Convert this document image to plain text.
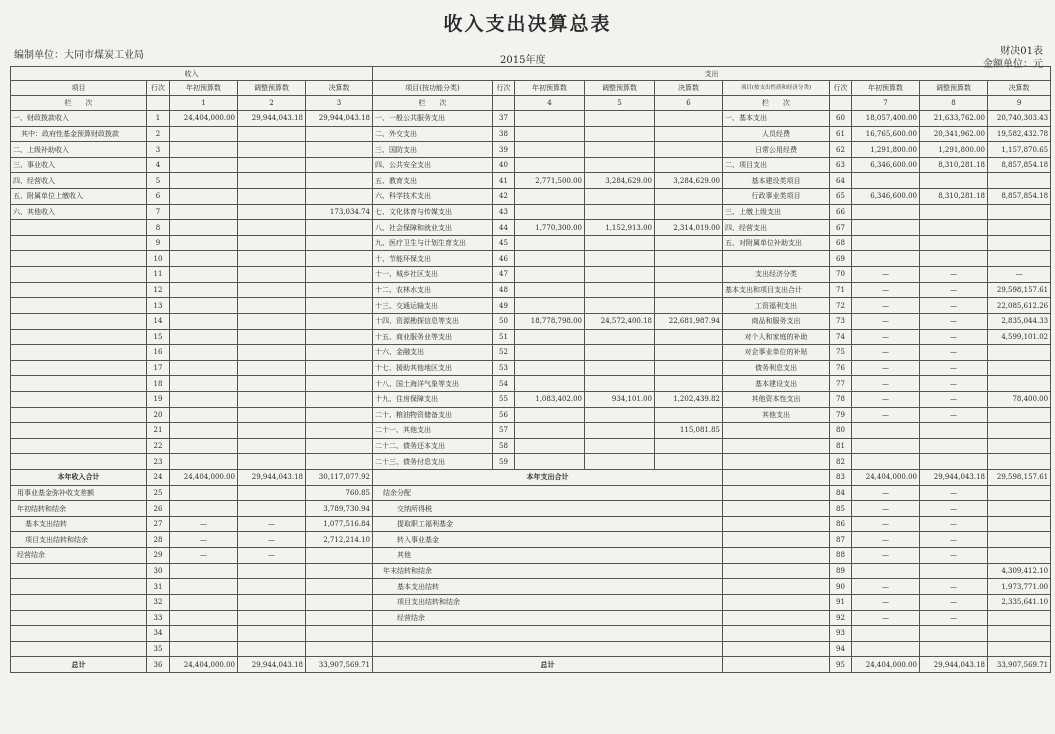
收入支出决算总表
编制单位：大同市煤炭工业局	2015年度
财决01表
金额单位：元
收入					支出									
项目	行次	年初预算数	调整预算数	决算数	项目(按功能分类)	行次	年初预算数	调整预算数	决算数	项目(按支出性质和经济分类)	行次	年初预算数	调整预算数	决算数
栏　　次		1	2	3	栏　　次		4	5	6	栏　　次		7	8	9
一、财政拨款收入	1	24,404,000.00	29,944,043.18	29,944,043.18	一、一般公共服务支出	37				一、基本支出	60	18,057,400.00	21,633,762.00	20,740,303.43
其中：政府性基金预算财政拨款	2				二、外交支出	38				人员经费	61	16,765,600.00	20,341,962.00	19,582,432.78
二、上级补助收入	3				三、国防支出	39				日常公用经费	62	1,291,800.00	1,291,800.00	1,157,870.65
三、事业收入	4				四、公共安全支出	40				二、项目支出	63	6,346,600.00	8,310,281.18	8,857,854.18
四、经营收入	5				五、教育支出	41	2,771,500.00	3,284,629.00	3,284,629.00	基本建设类项目	64			
五、附属单位上缴收入	6				六、科学技术支出	42				行政事业类项目	65	6,346,600.00	8,310,281.18	8,857,854.18
六、其他收入	7			173,034.74	七、文化体育与传媒支出	43				三、上缴上级支出	66			
	8				八、社会保障和就业支出	44	1,770,300.00	1,152,913.00	2,314,019.00	四、经营支出	67			
	9				九、医疗卫生与计划生育支出	45				五、对附属单位补助支出	68			
	10				十、节能环保支出	46					69			
	11				十一、城乡社区支出	47				支出经济分类	70	—	—	—
	12				十二、农林水支出	48				基本支出和项目支出合计	71	—	—	29,598,157.61
	13				十三、交通运输支出	49				工资福利支出	72	—	—	22,085,612.26
	14				十四、资源勘探信息等支出	50	18,778,798.00	24,572,400.18	22,681,987.94	商品和服务支出	73	—	—	2,835,044.33
	15				十五、商业服务业等支出	51				对个人和家庭的补助	74	—	—	4,599,101.02
	16				十六、金融支出	52				对企事业单位的补贴	75	—	—	
	17				十七、援助其他地区支出	53				债务利息支出	76	—	—	
	18				十八、国土海洋气象等支出	54				基本建设支出	77	—	—	
	19				十九、住房保障支出	55	1,083,402.00	934,101.00	1,202,439.82	其他资本性支出	78	—	—	78,400.00
	20				二十、粮油物资储备支出	56				其他支出	79	—	—	
	21				二十一、其他支出	57			115,081.85		80			
	22				二十二、债务还本支出	58					81			
	23				二十三、债务付息支出	59					82			
本年收入合计	24	24,404,000.00	29,944,043.18	30,117,077.92	本年支出合计						83	24,404,000.00	29,944,043.18	29,598,157.61
用事业基金弥补收支差额	25			760.85	结余分配						84	—	—	
年初结转和结余	26			3,789,730.94	交纳所得税						85	—	—	
基本支出结转	27	—	—	1,077,516.84	提取职工福利基金						86	—	—	
项目支出结转和结余	28	—	—	2,712,214.10	转入事业基金						87	—	—	
经营结余	29	—	—		其他						88	—	—	
	30				年末结转和结余						89			4,309,412.10
	31				基本支出结转						90	—	—	1,973,771.00
	32				项目支出结转和结余						91	—	—	2,335,641.10
	33				经营结余						92	—	—	
	34										93			
	35										94			
总计	36	24,404,000.00	29,944,043.18	33,907,569.71	总计						95	24,404,000.00	29,944,043.18	33,907,569.71
